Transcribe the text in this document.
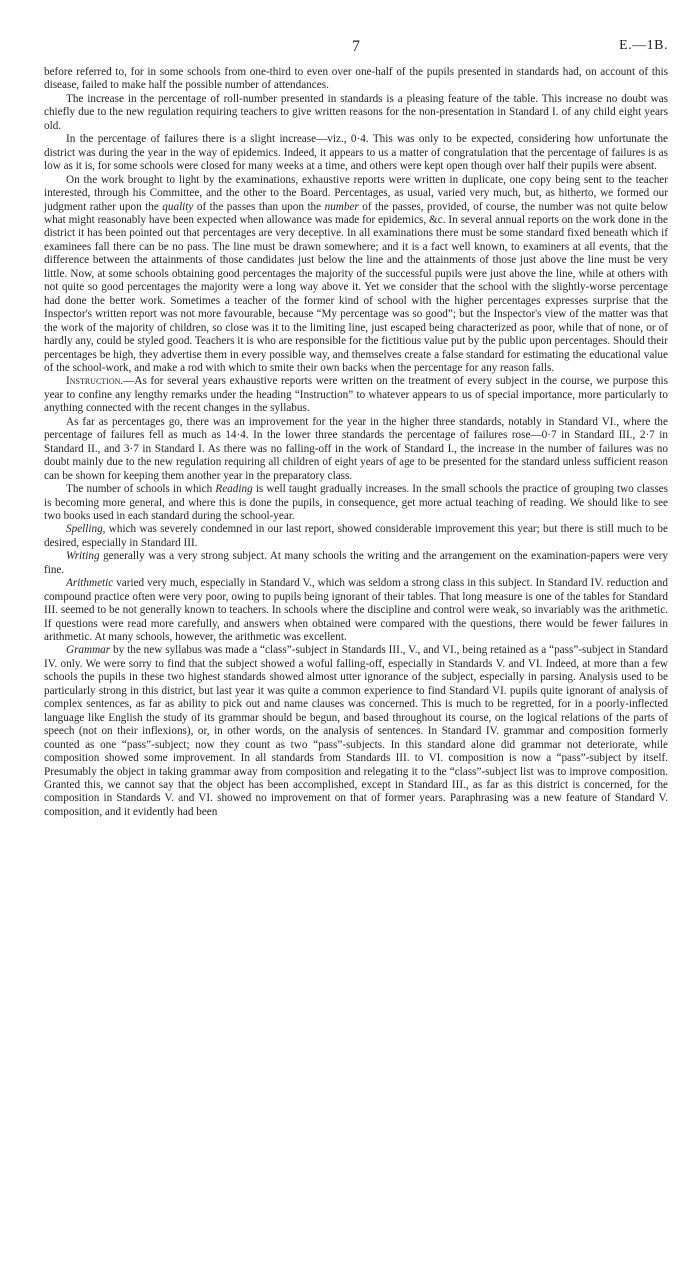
7	E.—1B.

before referred to, for in some schools from one-third to even over one-half of the pupils presented in standards had, on account of this disease, failed to make half the possible number of attendances.

The increase in the percentage of roll-number presented in standards is a pleasing feature of the table. This increase no doubt was chiefly due to the new regulation requiring teachers to give written reasons for the non-presentation in Standard I. of any child eight years old.

In the percentage of failures there is a slight increase—viz., 0·4. This was only to be expected, considering how unfortunate the district was during the year in the way of epidemics. Indeed, it appears to us a matter of congratulation that the percentage of failures is as low as it is, for some schools were closed for many weeks at a time, and others were kept open though over half their pupils were absent.

On the work brought to light by the examinations, exhaustive reports were written in duplicate, one copy being sent to the teacher interested, through his Committee, and the other to the Board. Percentages, as usual, varied very much, but, as hitherto, we formed our judgment rather upon the quality of the passes than upon the number of the passes, provided, of course, the number was not quite below what might reasonably have been expected when allowance was made for epidemics, &c. In several annual reports on the work done in the district it has been pointed out that percentages are very deceptive. In all examinations there must be some standard fixed beneath which if examinees fall there can be no pass. The line must be drawn somewhere; and it is a fact well known, to examiners at all events, that the difference between the attainments of those candidates just below the line and the attainments of those just above the line must be very little. Now, at some schools obtaining good percentages the majority of the successful pupils were just above the line, while at others with not quite so good percentages the majority were a long way above it. Yet we consider that the school with the slightly-worse percentage had done the better work. Sometimes a teacher of the former kind of school with the higher percentages expresses surprise that the Inspector's written report was not more favourable, because “My percentage was so good”; but the Inspector's view of the matter was that the work of the majority of children, so close was it to the limiting line, just escaped being characterized as poor, while that of none, or of hardly any, could be styled good. Teachers it is who are responsible for the fictitious value put by the public upon percentages. Should their percentages be high, they advertise them in every possible way, and themselves create a false standard for estimating the educational value of the school-work, and make a rod with which to smite their own backs when the percentage for any reason falls.

Instruction.—As for several years exhaustive reports were written on the treatment of every subject in the course, we purpose this year to confine any lengthy remarks under the heading “Instruction” to whatever appears to us of special importance, more particularly to anything connected with the recent changes in the syllabus.

As far as percentages go, there was an improvement for the year in the higher three standards, notably in Standard VI., where the percentage of failures fell as much as 14·4. In the lower three standards the percentage of failures rose—0·7 in Standard III., 2·7 in Standard II., and 3·7 in Standard I. As there was no falling-off in the work of Standard I., the increase in the number of failures was no doubt mainly due to the new regulation requiring all children of eight years of age to be presented for the standard unless sufficient reason can be shown for keeping them another year in the preparatory class.

The number of schools in which Reading is well taught gradually increases. In the small schools the practice of grouping two classes is becoming more general, and where this is done the pupils, in consequence, get more actual teaching of reading. We should like to see two books used in each standard during the school-year.

Spelling, which was severely condemned in our last report, showed considerable improvement this year; but there is still much to be desired, especially in Standard III.

Writing generally was a very strong subject. At many schools the writing and the arrangement on the examination-papers were very fine.

Arithmetic varied very much, especially in Standard V., which was seldom a strong class in this subject. In Standard IV. reduction and compound practice often were very poor, owing to pupils being ignorant of their tables. That long measure is one of the tables for Standard III. seemed to be not generally known to teachers. In schools where the discipline and control were weak, so invariably was the arithmetic. If questions were read more carefully, and answers when obtained were compared with the questions, there would be fewer failures in arithmetic. At many schools, however, the arithmetic was excellent.

Grammar by the new syllabus was made a “class”-subject in Standards III., V., and VI., being retained as a “pass”-subject in Standard IV. only. We were sorry to find that the subject showed a woful falling-off, especially in Standards V. and VI. Indeed, at more than a few schools the pupils in these two highest standards showed almost utter ignorance of the subject, especially in parsing. Analysis used to be particularly strong in this district, but last year it was quite a common experience to find Standard VI. pupils quite ignorant of analysis of complex sentences, as far as ability to pick out and name clauses was concerned. This is much to be regretted, for in a poorly-inflected language like English the study of its grammar should be begun, and based throughout its course, on the logical relations of the parts of speech (not on their inflexions), or, in other words, on the analysis of sentences. In Standard IV. grammar and composition formerly counted as one “pass”-subject; now they count as two “pass”-subjects. In this standard alone did grammar not deteriorate, while composition showed some improvement. In all standards from Standards III. to VI. composition is now a “pass”-subject by itself. Presumably the object in taking grammar away from composition and relegating it to the “class”-subject list was to improve composition. Granted this, we cannot say that the object has been accomplished, except in Standard III., as far as this district is concerned, for the composition in Standards V. and VI. showed no improvement on that of former years. Paraphrasing was a new feature of Standard V. composition, and it evidently had been
